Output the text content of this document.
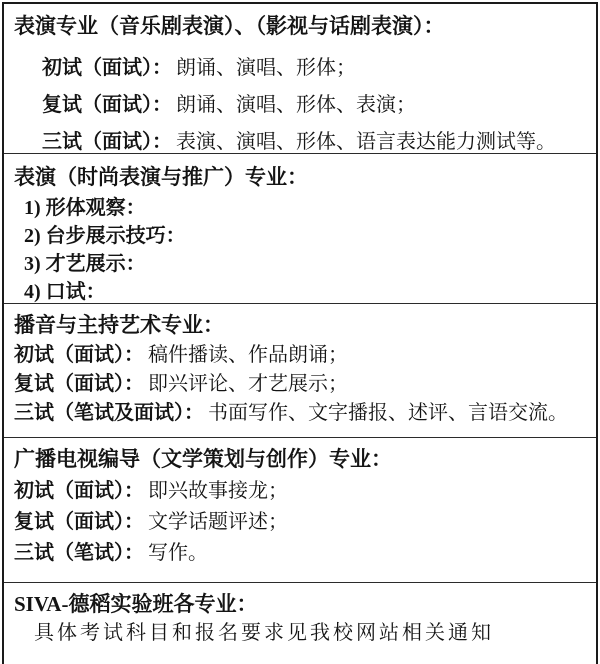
表演专业（音乐剧表演）、（影视与话剧表演）：
初试（面试）： 朗诵、演唱、形体；
复试（面试）： 朗诵、演唱、形体、表演；
三试（面试）： 表演、演唱、形体、语言表达能力测试等。
表演（时尚表演与推广）专业：
1) 形体观察：
2) 台步展示技巧：
3) 才艺展示：
4) 口试：
播音与主持艺术专业：
初试（面试）： 稿件播读、作品朗诵；
复试（面试）： 即兴评论、才艺展示；
三试（笔试及面试）： 书面写作、文字播报、述评、言语交流。
广播电视编导（文学策划与创作）专业：
初试（面试）： 即兴故事接龙；
复试（面试）： 文学话题评述；
三试（笔试）： 写作。
SIVA-德稻实验班各专业：
具体考试科目和报名要求见我校网站相关通知
